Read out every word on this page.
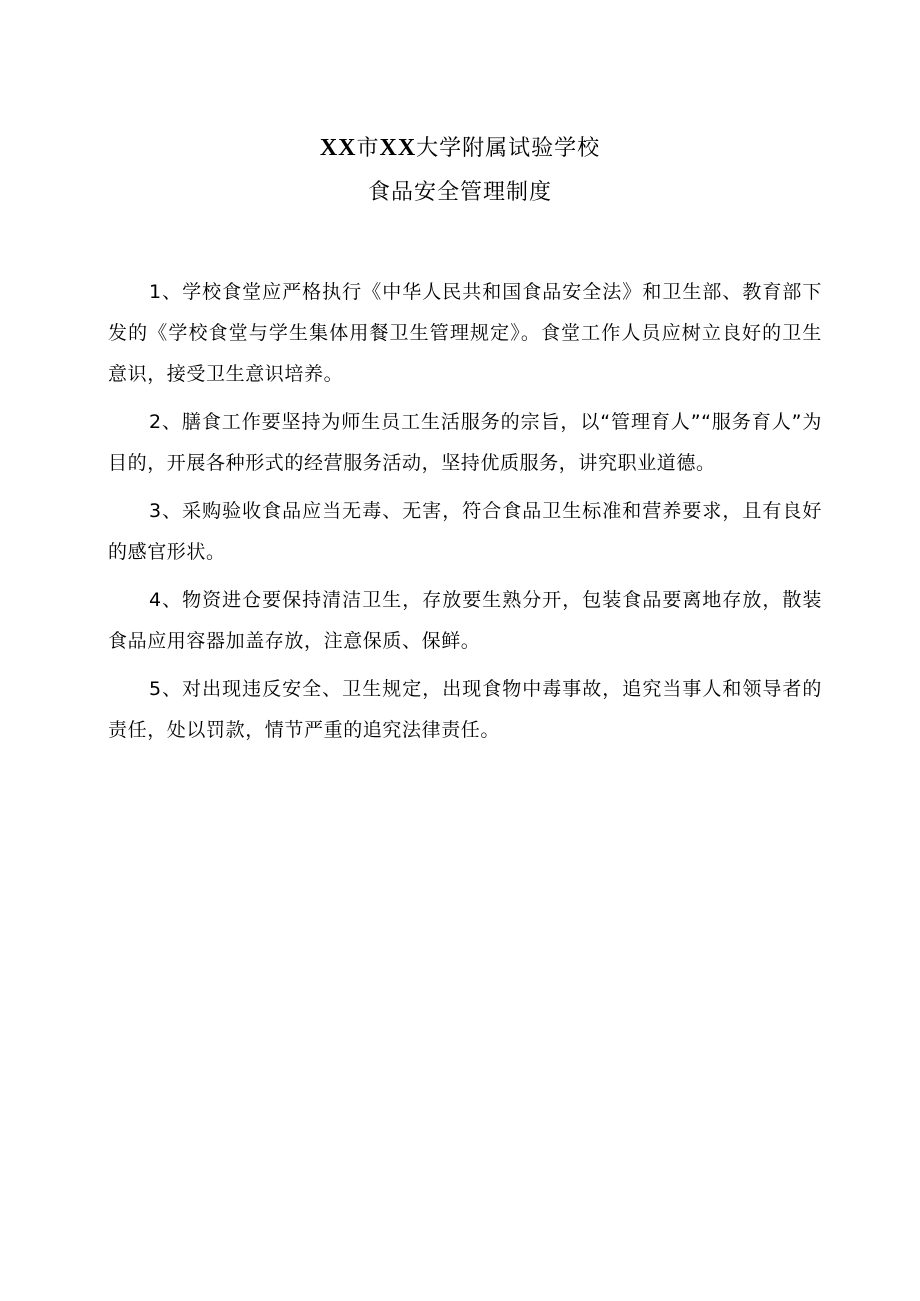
XX市XX大学附属试验学校
食品安全管理制度

1、学校食堂应严格执行《中华人民共和国食品安全法》和卫生部、教育部下发的《学校食堂与学生集体用餐卫生管理规定》。食堂工作人员应树立良好的卫生意识，接受卫生意识培养。

2、膳食工作要坚持为师生员工生活服务的宗旨，以“管理育人”“服务育人”为目的，开展各种形式的经营服务活动，坚持优质服务，讲究职业道德。

3、采购验收食品应当无毒、无害，符合食品卫生标准和营养要求，且有良好的感官形状。

4、物资进仓要保持清洁卫生，存放要生熟分开，包装食品要离地存放，散装食品应用容器加盖存放，注意保质、保鲜。

5、对出现违反安全、卫生规定，出现食物中毒事故，追究当事人和领导者的责任，处以罚款，情节严重的追究法律责任。
